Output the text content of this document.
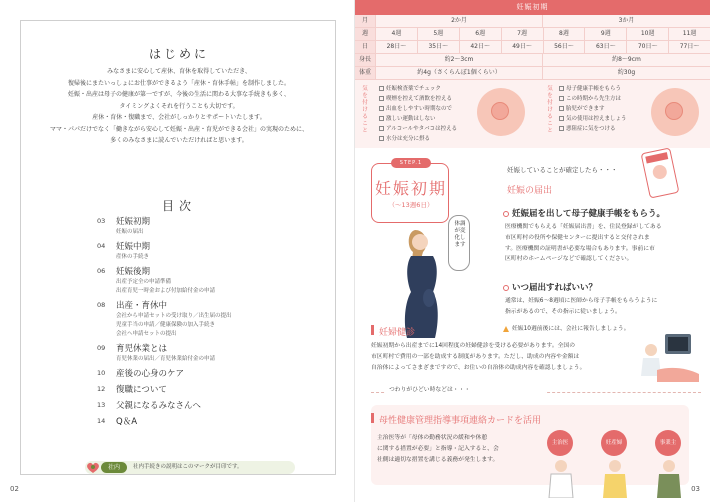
はじめに
みなさまに安心して産休、育休を取得していただき、
復帰後にまたいっしょにお仕事ができるよう「産休・育休手帖」を制作しました。
妊娠・出産は母子の健康が第一ですが、今後の生活に関わる大事な手続きも多く、
タイミングよくそれを行うことも大切です。
産休・育休・復職まで、会社がしっかりとサポートいたします。
ママ・パパだけでなく「働きながら安心して妊娠・出産・育児ができる会社」の実現のために、
多くのみなさまに読んでいただければと思います。
目次
03	妊娠初期
妊娠の届出
04	妊娠中期
産休の手続き
06	妊娠後期
出産予定全の申請準備
出産育児一時金および付加給付金の申請
08	出産・育休中
会社から申請セットの受け取り／出生届の提出
児童手当の申請／健康保険の加入手続き
会社へ申請セットの提出
09	育児休業とは
育児休業の届出／育児休業給付金の申請
10	産後の心身のケア
12	復職について
13	父親になるみなさんへ
14	Q＆A
社内	社内手続きの説明はこのマークが目印です。
02
妊娠初期
月	2か月	3か月
週	4週	5週	6週	7週	8週	9週	10週	11週
日	28日〜	35日〜	42日〜	49日〜	56日〜	63日〜	70日〜	77日〜
身長	約2〜3cm	約8〜9cm
体重	約4g（さくらんぼ1個くらい）	約30g
気を付けること
妊娠検査薬でチェック
喫煙を控えて酒飲を控える
出血をしやすい時期なので
激しい運動はしない
アルコールやタバコは控える
水分は充分に摂る
気を付けること
母子健康手帳をもらう
この時期から先生方は
胎児ができます
気の使用は控えましょう
悪阻症に気をつける
STEP.1
妊娠初期
（〜13週6日）
体調が変化します
妊娠していることが確定したら・・・
妊娠の届出
妊娠届を出して母子健康手帳をもらう。
医療機関でもらえる「妊娠届出書」を、住民登録がしてある
市区町村の役所や保健センターに提出すると交付されま
す。医療機関の証明書が必要な場合もあります。事前に市
区町村のホームページなどで確認してください。
いつ届出すればいい？
通常は、妊娠6〜8週頃に医師から母子手帳をもらうように
指示があるので、その指示に従いましょう。
妊娠10週前後には、会社に報告しましょう。
妊婦健診
妊娠初期から出産までに14回程度の妊婦健診を受ける必要があります。全国の
市区町村で費用の一部を助成する制度があります。ただし、助成の内容や金額は
自治体によってさまざまですので、お住いの自治体の助成内容を確認しましょう。
つわりがひどい時などは・・・
母性健康管理指導事項連絡カードを活用
主治医等が「母体の勤務状況の緩和や休憩
に関する措置が必要」と指導・記入すると、会
社側は適切な措置を講じる義務が発生します。
主治医	妊産婦	事業主
03
